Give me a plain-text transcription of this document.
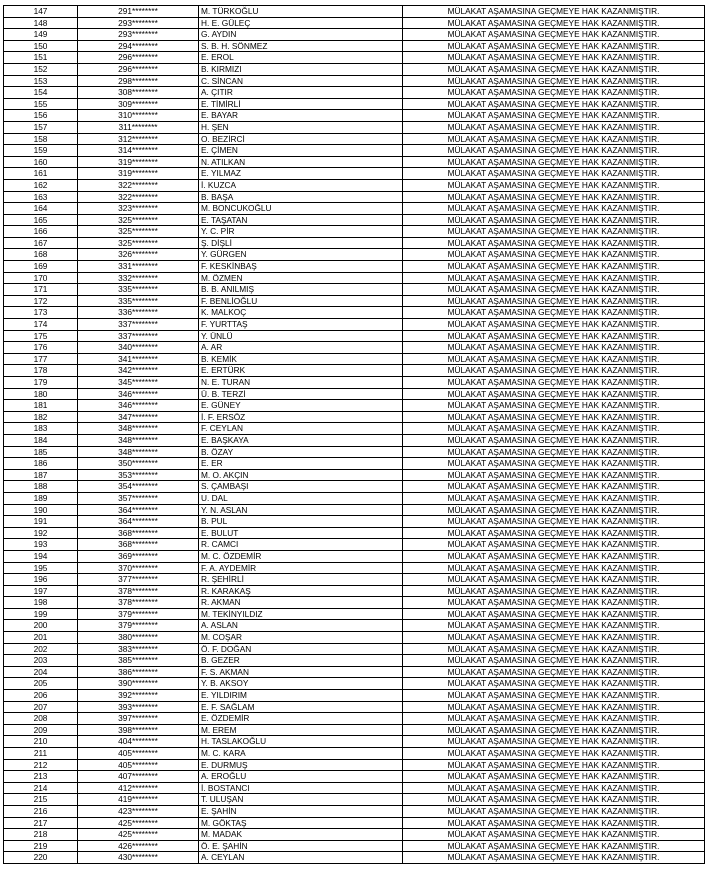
147	291********	M. TÜRKOĞLU	MÜLAKAT AŞAMASINA GEÇMEYE HAK KAZANMIŞTIR.
148	293********	H. E. GÜLEÇ	MÜLAKAT AŞAMASINA GEÇMEYE HAK KAZANMIŞTIR.
149	293********	G. AYDIN	MÜLAKAT AŞAMASINA GEÇMEYE HAK KAZANMIŞTIR.
150	294********	S. B. H. SÖNMEZ	MÜLAKAT AŞAMASINA GEÇMEYE HAK KAZANMIŞTIR.
151	296********	E. EROL	MÜLAKAT AŞAMASINA GEÇMEYE HAK KAZANMIŞTIR.
152	296********	B. KIRMIZI	MÜLAKAT AŞAMASINA GEÇMEYE HAK KAZANMIŞTIR.
153	298********	C. SİNCAN	MÜLAKAT AŞAMASINA GEÇMEYE HAK KAZANMIŞTIR.
154	308********	A. ÇITIR	MÜLAKAT AŞAMASINA GEÇMEYE HAK KAZANMIŞTIR.
155	309********	E. TİMİRLİ	MÜLAKAT AŞAMASINA GEÇMEYE HAK KAZANMIŞTIR.
156	310********	E. BAYAR	MÜLAKAT AŞAMASINA GEÇMEYE HAK KAZANMIŞTIR.
157	311********	H. ŞEN	MÜLAKAT AŞAMASINA GEÇMEYE HAK KAZANMIŞTIR.
158	312********	O. BEZİRCİ	MÜLAKAT AŞAMASINA GEÇMEYE HAK KAZANMIŞTIR.
159	314********	E. ÇİMEN	MÜLAKAT AŞAMASINA GEÇMEYE HAK KAZANMIŞTIR.
160	319********	N. ATILKAN	MÜLAKAT AŞAMASINA GEÇMEYE HAK KAZANMIŞTIR.
161	319********	E. YILMAZ	MÜLAKAT AŞAMASINA GEÇMEYE HAK KAZANMIŞTIR.
162	322********	İ. KUZCA	MÜLAKAT AŞAMASINA GEÇMEYE HAK KAZANMIŞTIR.
163	322********	B. BAŞA	MÜLAKAT AŞAMASINA GEÇMEYE HAK KAZANMIŞTIR.
164	323********	M. BONCUKOĞLU	MÜLAKAT AŞAMASINA GEÇMEYE HAK KAZANMIŞTIR.
165	325********	E. TAŞATAN	MÜLAKAT AŞAMASINA GEÇMEYE HAK KAZANMIŞTIR.
166	325********	Y. C. PİR	MÜLAKAT AŞAMASINA GEÇMEYE HAK KAZANMIŞTIR.
167	325********	Ş. DİŞLİ	MÜLAKAT AŞAMASINA GEÇMEYE HAK KAZANMIŞTIR.
168	326********	Y. GÜRGEN	MÜLAKAT AŞAMASINA GEÇMEYE HAK KAZANMIŞTIR.
169	331********	F. KESKİNBAŞ	MÜLAKAT AŞAMASINA GEÇMEYE HAK KAZANMIŞTIR.
170	332********	M. ÖZMEN	MÜLAKAT AŞAMASINA GEÇMEYE HAK KAZANMIŞTIR.
171	335********	B. B. ANILMIŞ	MÜLAKAT AŞAMASINA GEÇMEYE HAK KAZANMIŞTIR.
172	335********	F. BENLİOĞLU	MÜLAKAT AŞAMASINA GEÇMEYE HAK KAZANMIŞTIR.
173	336********	K. MALKOÇ	MÜLAKAT AŞAMASINA GEÇMEYE HAK KAZANMIŞTIR.
174	337********	F. YURTTAŞ	MÜLAKAT AŞAMASINA GEÇMEYE HAK KAZANMIŞTIR.
175	337********	Y. ÜNLÜ	MÜLAKAT AŞAMASINA GEÇMEYE HAK KAZANMIŞTIR.
176	340********	A. AR	MÜLAKAT AŞAMASINA GEÇMEYE HAK KAZANMIŞTIR.
177	341********	B. KEMİK	MÜLAKAT AŞAMASINA GEÇMEYE HAK KAZANMIŞTIR.
178	342********	E. ERTÜRK	MÜLAKAT AŞAMASINA GEÇMEYE HAK KAZANMIŞTIR.
179	345********	N. E. TURAN	MÜLAKAT AŞAMASINA GEÇMEYE HAK KAZANMIŞTIR.
180	346********	Ü. B. TERZİ	MÜLAKAT AŞAMASINA GEÇMEYE HAK KAZANMIŞTIR.
181	346********	E. GÜNEY	MÜLAKAT AŞAMASINA GEÇMEYE HAK KAZANMIŞTIR.
182	347********	İ. F. ERSÖZ	MÜLAKAT AŞAMASINA GEÇMEYE HAK KAZANMIŞTIR.
183	348********	F. CEYLAN	MÜLAKAT AŞAMASINA GEÇMEYE HAK KAZANMIŞTIR.
184	348********	E. BAŞKAYA	MÜLAKAT AŞAMASINA GEÇMEYE HAK KAZANMIŞTIR.
185	348********	B. ÖZAY	MÜLAKAT AŞAMASINA GEÇMEYE HAK KAZANMIŞTIR.
186	350********	E. ER	MÜLAKAT AŞAMASINA GEÇMEYE HAK KAZANMIŞTIR.
187	353********	M. O. AKÇIN	MÜLAKAT AŞAMASINA GEÇMEYE HAK KAZANMIŞTIR.
188	354********	S. ÇAMBAŞI	MÜLAKAT AŞAMASINA GEÇMEYE HAK KAZANMIŞTIR.
189	357********	U. DAL	MÜLAKAT AŞAMASINA GEÇMEYE HAK KAZANMIŞTIR.
190	364********	Y. N. ASLAN	MÜLAKAT AŞAMASINA GEÇMEYE HAK KAZANMIŞTIR.
191	364********	B. PUL	MÜLAKAT AŞAMASINA GEÇMEYE HAK KAZANMIŞTIR.
192	368********	E. BULUT	MÜLAKAT AŞAMASINA GEÇMEYE HAK KAZANMIŞTIR.
193	368********	R. CAMCI	MÜLAKAT AŞAMASINA GEÇMEYE HAK KAZANMIŞTIR.
194	369********	M. C. ÖZDEMİR	MÜLAKAT AŞAMASINA GEÇMEYE HAK KAZANMIŞTIR.
195	370********	F. A. AYDEMİR	MÜLAKAT AŞAMASINA GEÇMEYE HAK KAZANMIŞTIR.
196	377********	R. ŞEHİRLİ	MÜLAKAT AŞAMASINA GEÇMEYE HAK KAZANMIŞTIR.
197	378********	R. KARAKAŞ	MÜLAKAT AŞAMASINA GEÇMEYE HAK KAZANMIŞTIR.
198	378********	R. AKMAN	MÜLAKAT AŞAMASINA GEÇMEYE HAK KAZANMIŞTIR.
199	379********	M. TEKİNYILDIZ	MÜLAKAT AŞAMASINA GEÇMEYE HAK KAZANMIŞTIR.
200	379********	A. ASLAN	MÜLAKAT AŞAMASINA GEÇMEYE HAK KAZANMIŞTIR.
201	380********	M. COŞAR	MÜLAKAT AŞAMASINA GEÇMEYE HAK KAZANMIŞTIR.
202	383********	Ö. F. DOĞAN	MÜLAKAT AŞAMASINA GEÇMEYE HAK KAZANMIŞTIR.
203	385********	B. GEZER	MÜLAKAT AŞAMASINA GEÇMEYE HAK KAZANMIŞTIR.
204	386********	F. S. AKMAN	MÜLAKAT AŞAMASINA GEÇMEYE HAK KAZANMIŞTIR.
205	390********	Y. B. AKSOY	MÜLAKAT AŞAMASINA GEÇMEYE HAK KAZANMIŞTIR.
206	392********	E. YILDIRIM	MÜLAKAT AŞAMASINA GEÇMEYE HAK KAZANMIŞTIR.
207	393********	E. F. SAĞLAM	MÜLAKAT AŞAMASINA GEÇMEYE HAK KAZANMIŞTIR.
208	397********	E. ÖZDEMİR	MÜLAKAT AŞAMASINA GEÇMEYE HAK KAZANMIŞTIR.
209	398********	M. EREM	MÜLAKAT AŞAMASINA GEÇMEYE HAK KAZANMIŞTIR.
210	404********	H. TASLAKOĞLU	MÜLAKAT AŞAMASINA GEÇMEYE HAK KAZANMIŞTIR.
211	405********	M. C. KARA	MÜLAKAT AŞAMASINA GEÇMEYE HAK KAZANMIŞTIR.
212	405********	E. DURMUŞ	MÜLAKAT AŞAMASINA GEÇMEYE HAK KAZANMIŞTIR.
213	407********	A. EROĞLU	MÜLAKAT AŞAMASINA GEÇMEYE HAK KAZANMIŞTIR.
214	412********	İ. BOSTANCI	MÜLAKAT AŞAMASINA GEÇMEYE HAK KAZANMIŞTIR.
215	419********	T. ULUŞAN	MÜLAKAT AŞAMASINA GEÇMEYE HAK KAZANMIŞTIR.
216	423********	E. ŞAHİN	MÜLAKAT AŞAMASINA GEÇMEYE HAK KAZANMIŞTIR.
217	425********	M. GÖKTAŞ	MÜLAKAT AŞAMASINA GEÇMEYE HAK KAZANMIŞTIR.
218	425********	M. MADAK	MÜLAKAT AŞAMASINA GEÇMEYE HAK KAZANMIŞTIR.
219	426********	Ö. E. ŞAHİN	MÜLAKAT AŞAMASINA GEÇMEYE HAK KAZANMIŞTIR.
220	430********	A. CEYLAN	MÜLAKAT AŞAMASINA GEÇMEYE HAK KAZANMIŞTIR.
